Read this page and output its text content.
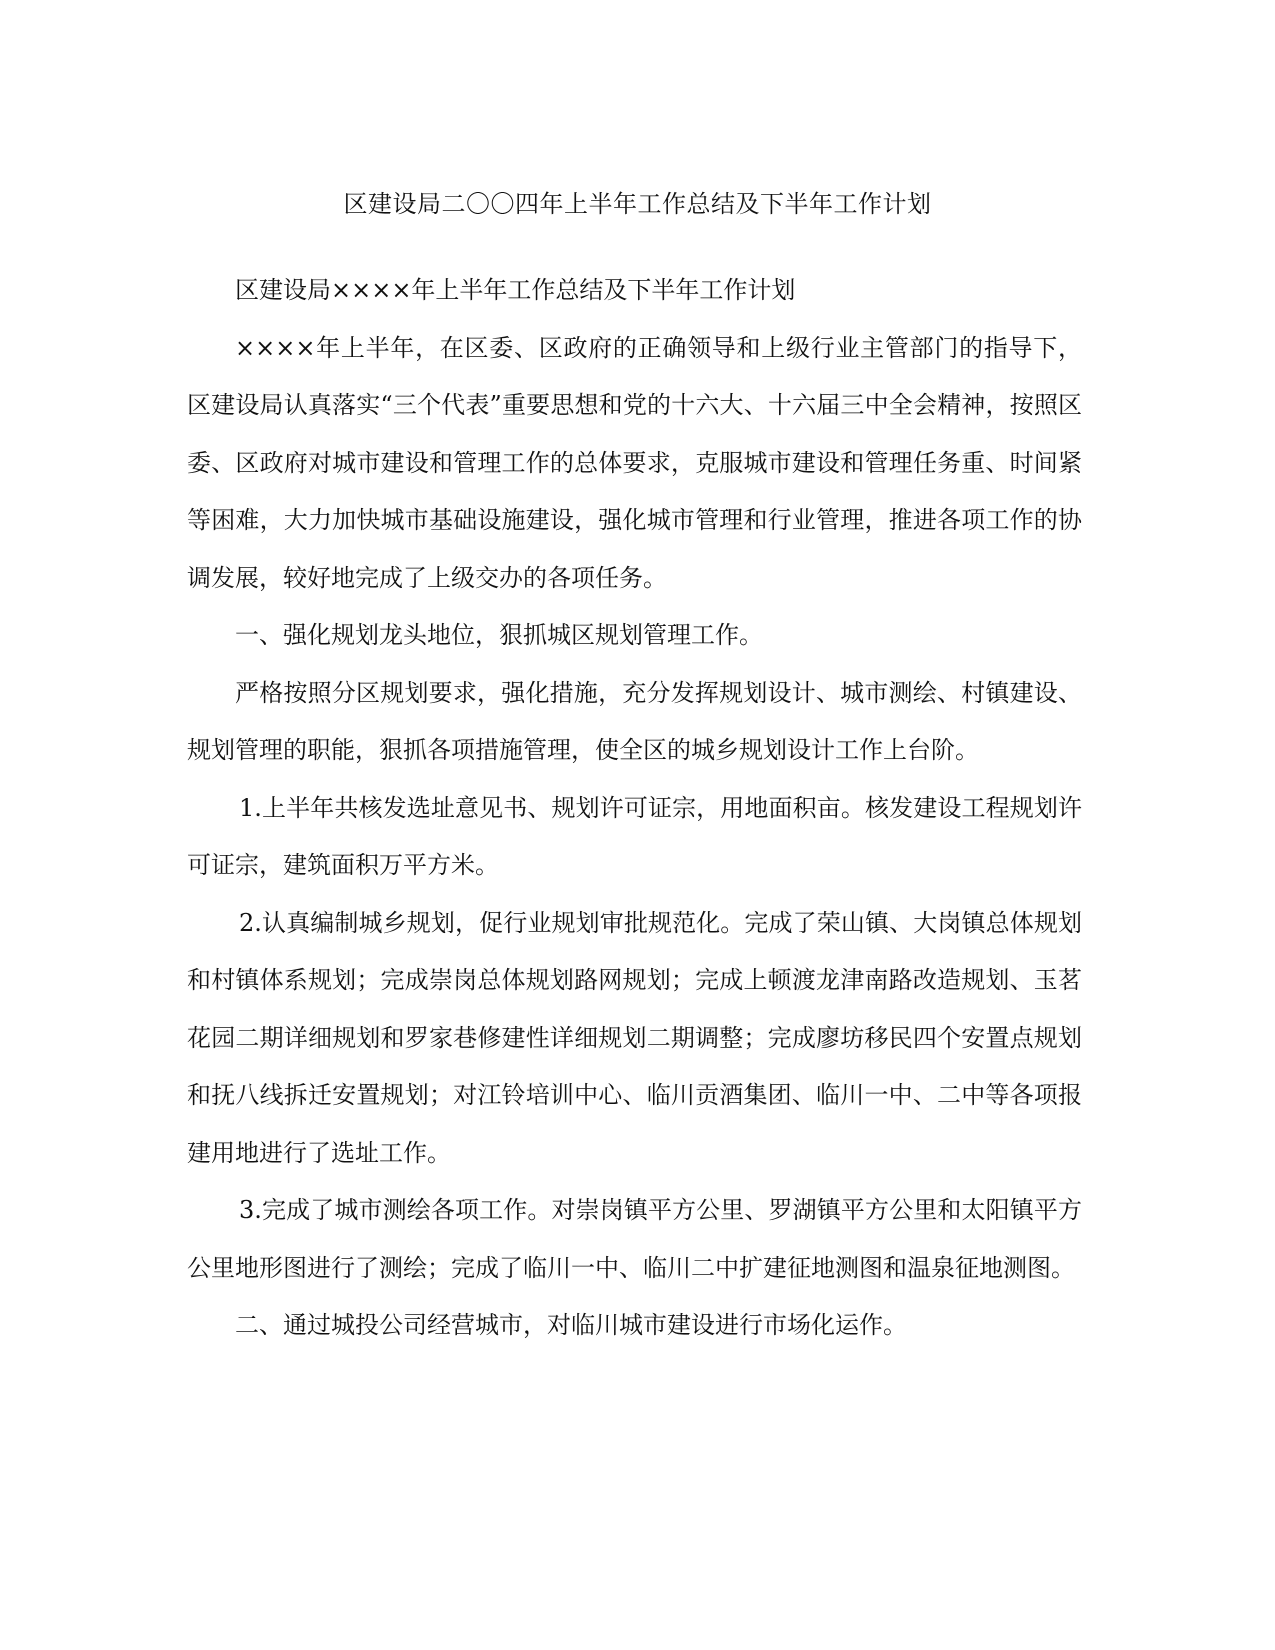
区建设局二〇〇四年上半年工作总结及下半年工作计划

区建设局××××年上半年工作总结及下半年工作计划

××××年上半年，在区委、区政府的正确领导和上级行业主管部门的指导下，区建设局认真落实“三个代表”重要思想和党的十六大、十六届三中全会精神，按照区委、区政府对城市建设和管理工作的总体要求，克服城市建设和管理任务重、时间紧等困难，大力加快城市基础设施建设，强化城市管理和行业管理，推进各项工作的协调发展，较好地完成了上级交办的各项任务。

一、强化规划龙头地位，狠抓城区规划管理工作。

严格按照分区规划要求，强化措施，充分发挥规划设计、城市测绘、村镇建设、规划管理的职能，狠抓各项措施管理，使全区的城乡规划设计工作上台阶。

1.上半年共核发选址意见书、规划许可证宗，用地面积亩。核发建设工程规划许可证宗，建筑面积万平方米。

2.认真编制城乡规划，促行业规划审批规范化。完成了荣山镇、大岗镇总体规划和村镇体系规划；完成崇岗总体规划路网规划；完成上顿渡龙津南路改造规划、玉茗花园二期详细规划和罗家巷修建性详细规划二期调整；完成廖坊移民四个安置点规划和抚八线拆迁安置规划；对江铃培训中心、临川贡酒集团、临川一中、二中等各项报建用地进行了选址工作。

3.完成了城市测绘各项工作。对崇岗镇平方公里、罗湖镇平方公里和太阳镇平方公里地形图进行了测绘；完成了临川一中、临川二中扩建征地测图和温泉征地测图。

二、通过城投公司经营城市，对临川城市建设进行市场化运作。
